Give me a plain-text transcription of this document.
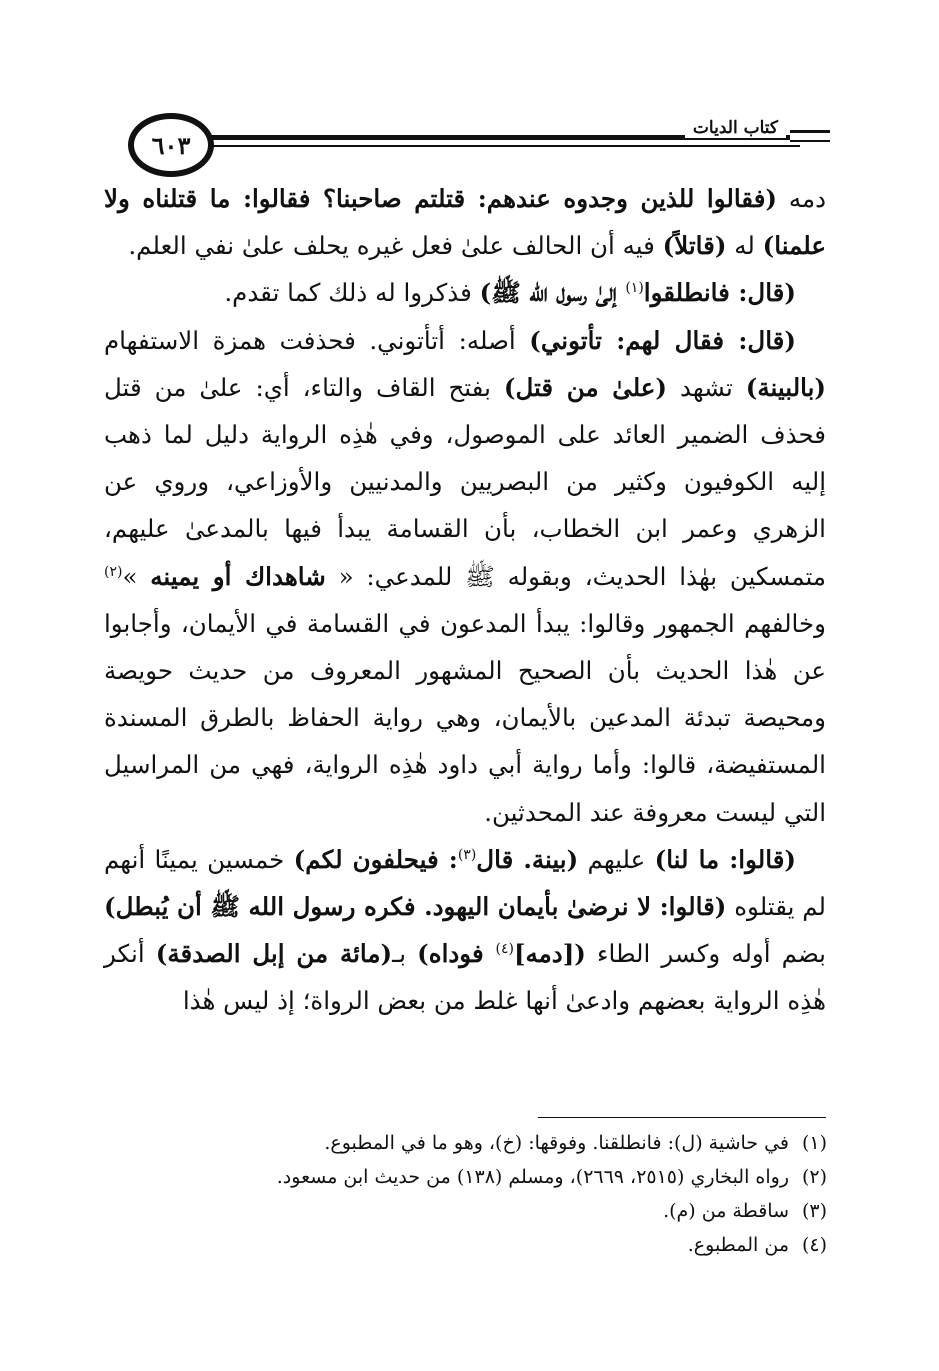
٦٠٣
كتاب الديات

دمه (فقالوا للذين وجدوه عندهم: قتلتم صاحبنا؟ فقالوا: ما قتلناه ولا علمنا) له (قاتلاً) فيه أن الحالف علىٰ فعل غيره يحلف علىٰ نفي العلم.

(قال: فانطلقوا$^{(١)}$ إلىٰ رسول الله ﷺ) فذكروا له ذلك كما تقدم.

(قال: فقال لهم: تأتوني) أصله: أتأتوني. فحذفت همزة الاستفهام (بالبينة) تشهد (علىٰ من قتل) بفتح القاف والتاء، أي: علىٰ من قتل فحذف الضمير العائد على الموصول، وفي هٰذِه الرواية دليل لما ذهب إليه الكوفيون وكثير من البصريين والمدنيين والأوزاعي، وروي عن الزهري وعمر ابن الخطاب، بأن القسامة يبدأ فيها بالمدعىٰ عليهم، متمسكين بهٰذا الحديث، وبقوله ﷺ للمدعي: « شاهداك أو يمينه »$^{(٢)}$ وخالفهم الجمهور وقالوا: يبدأ المدعون في القسامة في الأيمان، وأجابوا عن هٰذا الحديث بأن الصحيح المشهور المعروف من حديث حويصة ومحيصة تبدئة المدعين بالأيمان، وهي رواية الحفاظ بالطرق المسندة المستفيضة، قالوا: وأما رواية أبي داود هٰذِه الرواية، فهي من المراسيل التي ليست معروفة عند المحدثين.

(قالوا: ما لنا) عليهم (بينة. قال$^{(٣)}$: فيحلفون لكم) خمسين يمينًا أنهم لم يقتلوه (قالوا: لا نرضىٰ بأيمان اليهود. فكره رسول الله ﷺ أن يُبطل) بضم أوله وكسر الطاء ([دمه]$^{(٤)}$ فوداه) بـ(مائة من إبل الصدقة) أنكر هٰذِه الرواية بعضهم وادعىٰ أنها غلط من بعض الرواة؛ إذ ليس هٰذا

(١)في حاشية (ل): فانطلقنا. وفوقها: (خ)، وهو ما في المطبوع.

(٢)رواه البخاري (٢٥١٥، ٢٦٦٩)، ومسلم (١٣٨) من حديث ابن مسعود.

(٣)ساقطة من (م).

(٤)من المطبوع.
